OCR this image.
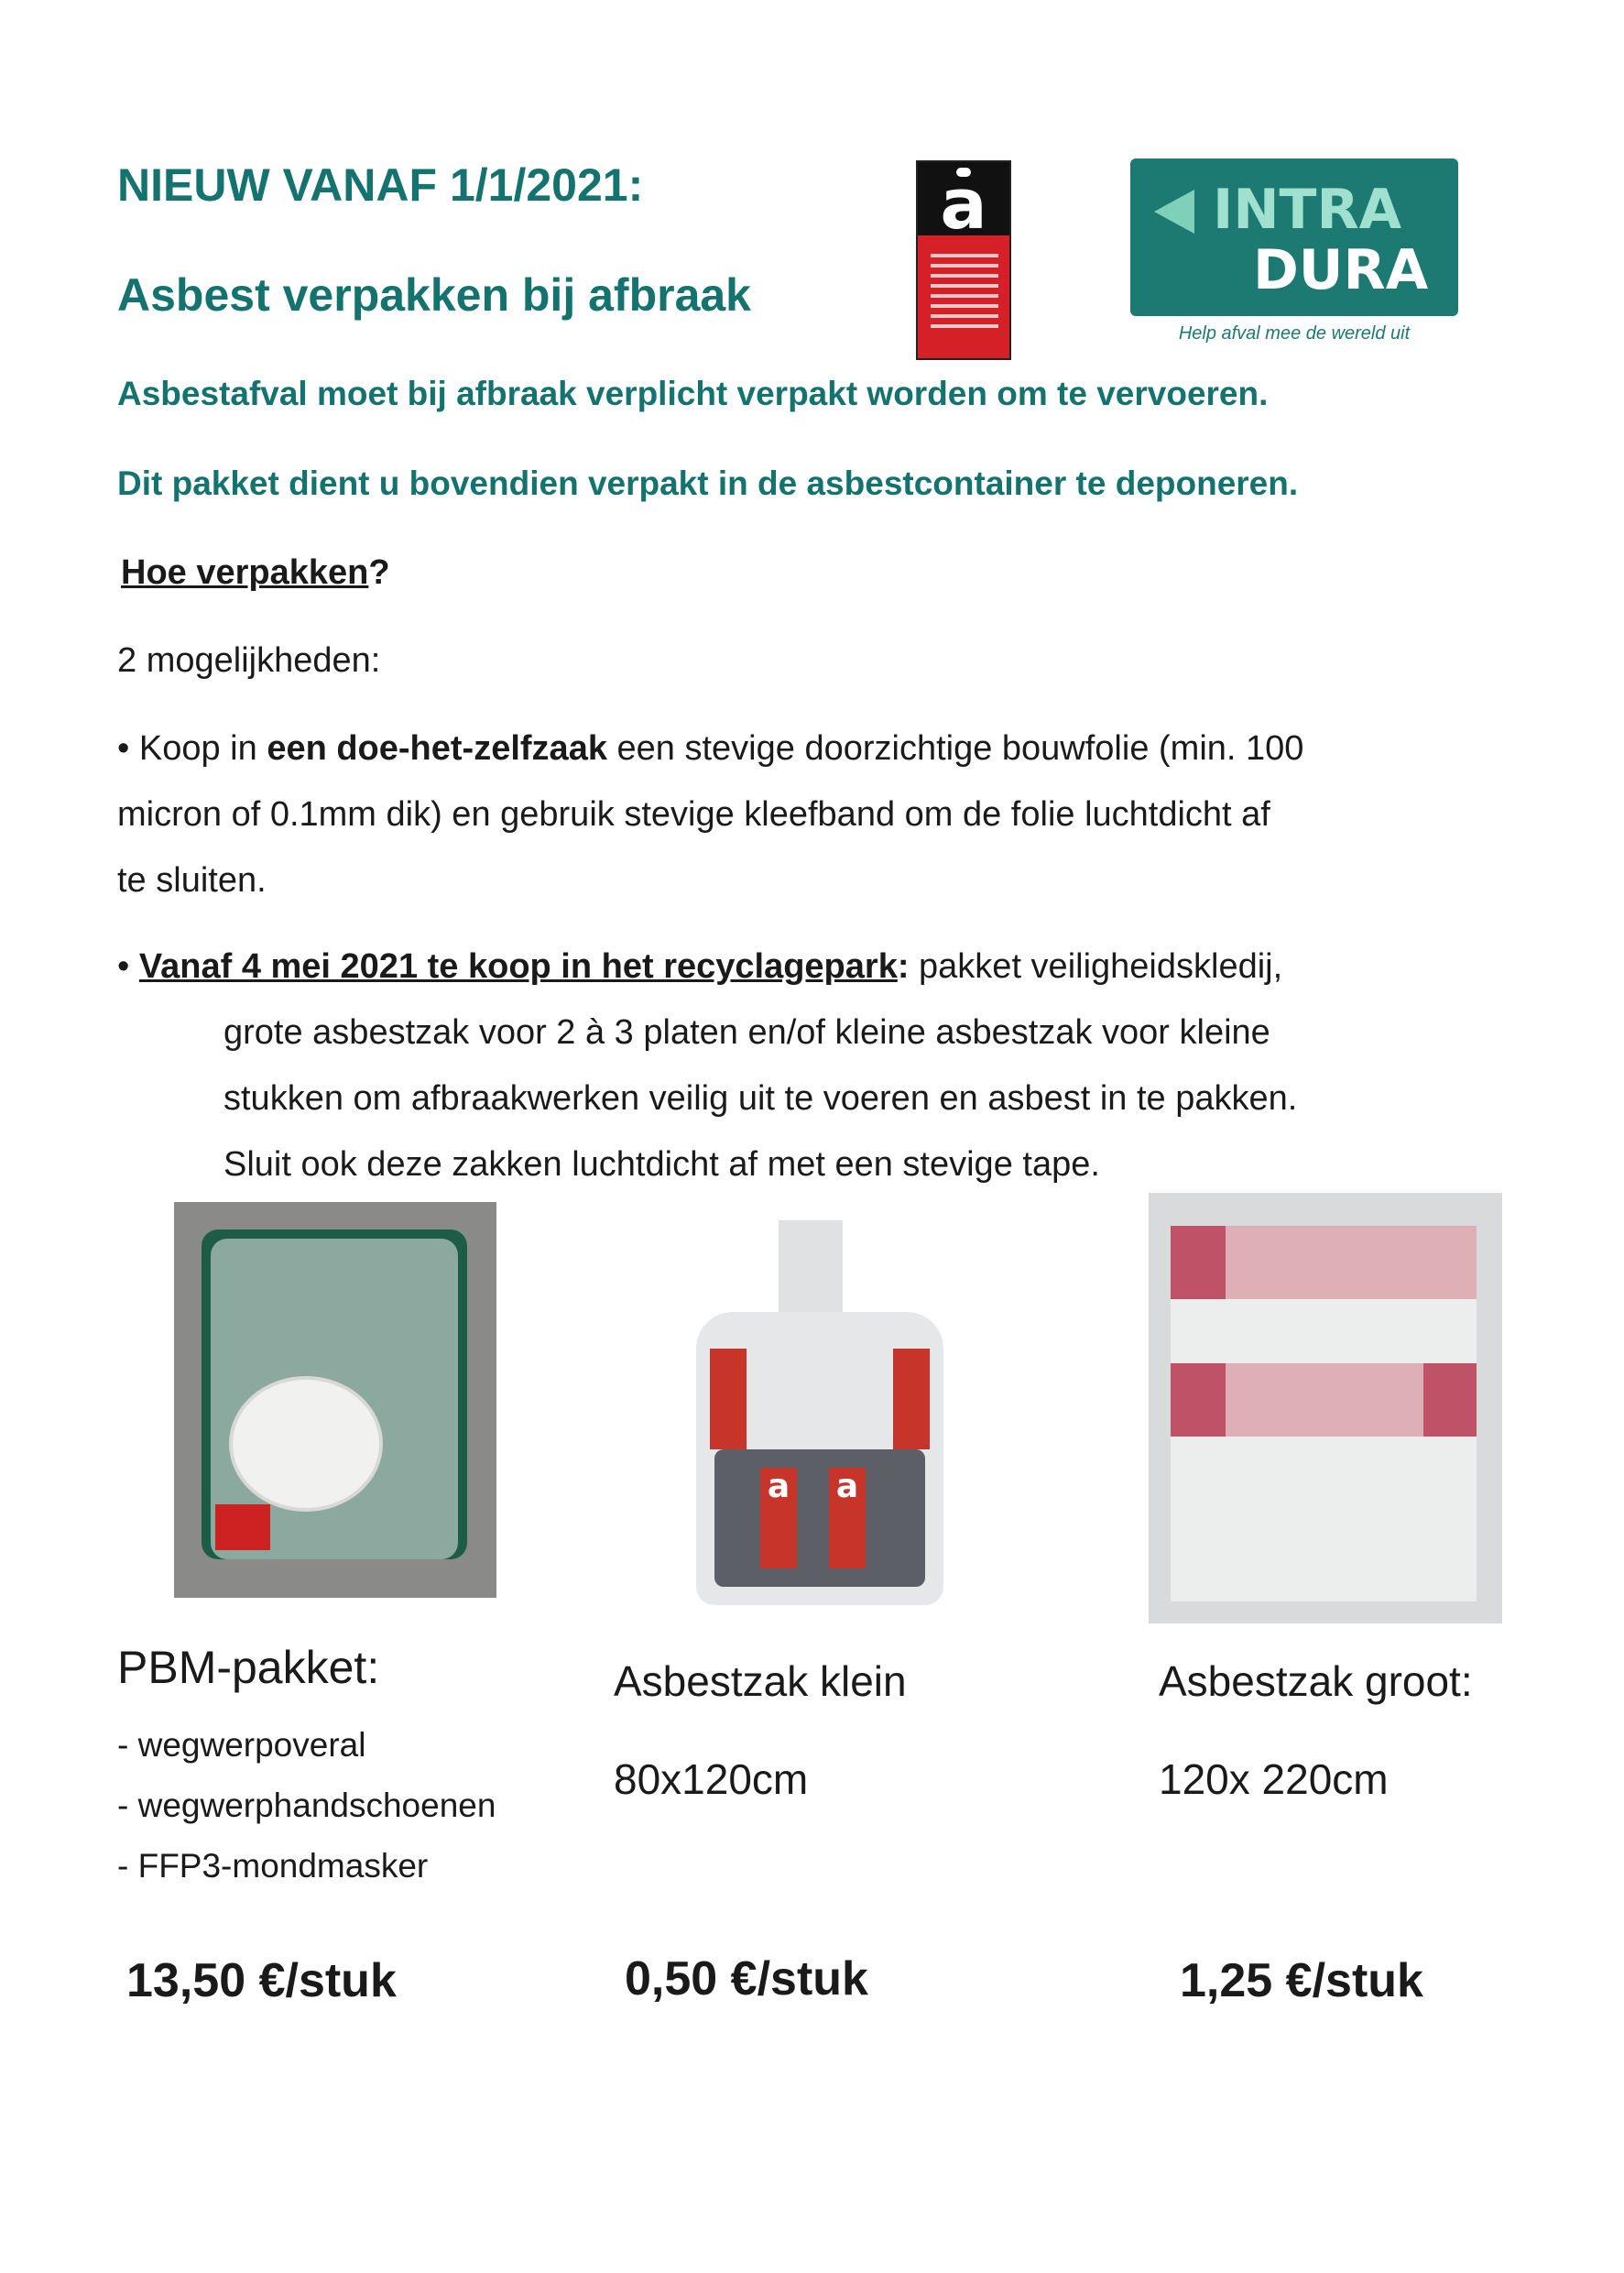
NIEUW VANAF 1/1/2021:
Asbest verpakken bij afbraak
a	INTRA
DURA
Help afval mee de wereld uit
Asbestafval moet bij afbraak verplicht verpakt worden om te vervoeren.
Dit pakket dient u bovendien verpakt in de asbestcontainer te deponeren.
Hoe verpakken?
2 mogelijkheden:
• Koop in een doe-het-zelfzaak een stevige doorzichtige bouwfolie (min. 100
micron of 0.1mm dik) en gebruik stevige kleefband om de folie luchtdicht af
te sluiten.
• Vanaf 4 mei 2021 te koop in het recyclagepark: pakket veiligheidskledij,
grote asbestzak voor 2 à 3 platen en/of kleine asbestzak voor kleine
stukken om afbraakwerken veilig uit te voeren en asbest in te pakken.
Sluit ook deze zakken luchtdicht af met een stevige tape.
a a
PBM-pakket:
- wegwerpoveral
- wegwerphandschoenen
- FFP3-mondmasker
Asbestzak klein
80x120cm
Asbestzak groot:
120x 220cm
13,50 €/stuk	0,50 €/stuk	1,25 €/stuk
